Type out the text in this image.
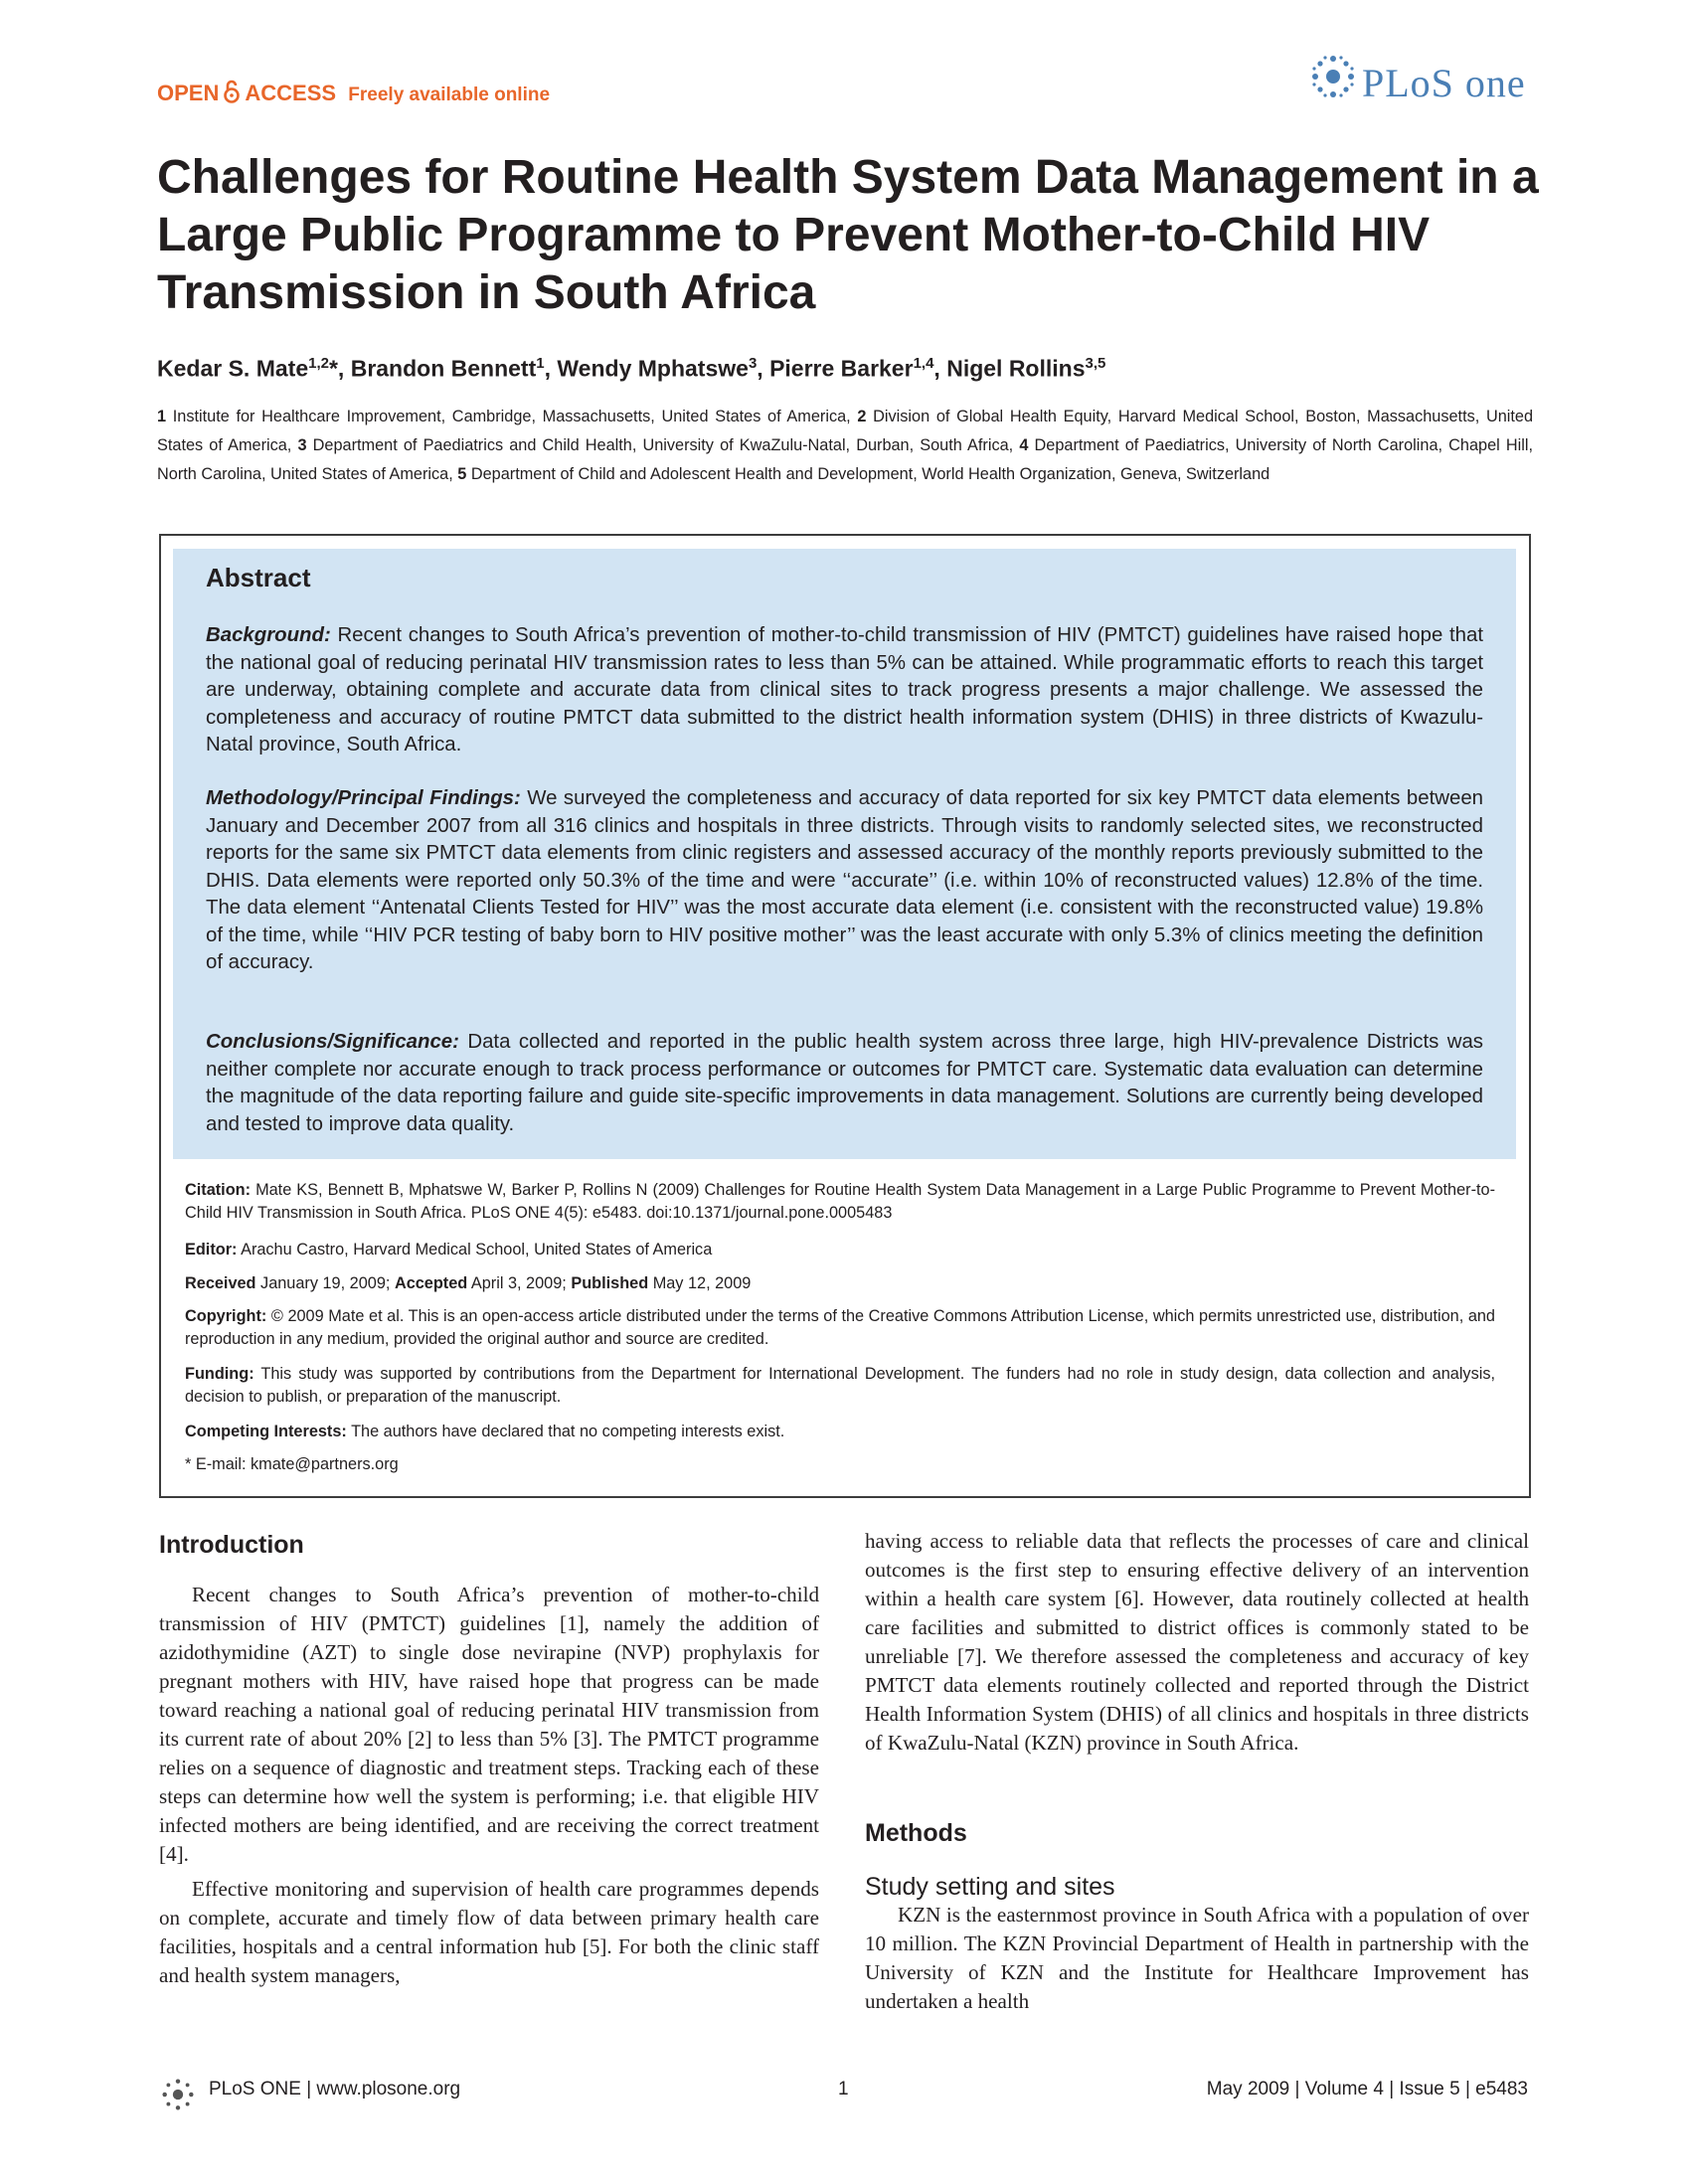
OPEN ACCESS Freely available online	PLoS one
Challenges for Routine Health System Data Management in a Large Public Programme to Prevent Mother-to-Child HIV Transmission in South Africa
Kedar S. Mate$^{1,2}$*, Brandon Bennett$^1$, Wendy Mphatswe$^3$, Pierre Barker$^{1,4}$, Nigel Rollins$^{3,5}$
1 Institute for Healthcare Improvement, Cambridge, Massachusetts, United States of America, 2 Division of Global Health Equity, Harvard Medical School, Boston, Massachusetts, United States of America, 3 Department of Paediatrics and Child Health, University of KwaZulu-Natal, Durban, South Africa, 4 Department of Paediatrics, University of North Carolina, Chapel Hill, North Carolina, United States of America, 5 Department of Child and Adolescent Health and Development, World Health Organization, Geneva, Switzerland
Abstract
Background: Recent changes to South Africa’s prevention of mother-to-child transmission of HIV (PMTCT) guidelines have raised hope that the national goal of reducing perinatal HIV transmission rates to less than 5% can be attained. While programmatic efforts to reach this target are underway, obtaining complete and accurate data from clinical sites to track progress presents a major challenge. We assessed the completeness and accuracy of routine PMTCT data submitted to the district health information system (DHIS) in three districts of Kwazulu-Natal province, South Africa.
Methodology/Principal Findings: We surveyed the completeness and accuracy of data reported for six key PMTCT data elements between January and December 2007 from all 316 clinics and hospitals in three districts. Through visits to randomly selected sites, we reconstructed reports for the same six PMTCT data elements from clinic registers and assessed accuracy of the monthly reports previously submitted to the DHIS. Data elements were reported only 50.3% of the time and were ‘‘accurate’’ (i.e. within 10% of reconstructed values) 12.8% of the time. The data element ‘‘Antenatal Clients Tested for HIV’’ was the most accurate data element (i.e. consistent with the reconstructed value) 19.8% of the time, while ‘‘HIV PCR testing of baby born to HIV positive mother’’ was the least accurate with only 5.3% of clinics meeting the definition of accuracy.
Conclusions/Significance: Data collected and reported in the public health system across three large, high HIV-prevalence Districts was neither complete nor accurate enough to track process performance or outcomes for PMTCT care. Systematic data evaluation can determine the magnitude of the data reporting failure and guide site-specific improvements in data management. Solutions are currently being developed and tested to improve data quality.
Citation: Mate KS, Bennett B, Mphatswe W, Barker P, Rollins N (2009) Challenges for Routine Health System Data Management in a Large Public Programme to Prevent Mother-to-Child HIV Transmission in South Africa. PLoS ONE 4(5): e5483. doi:10.1371/journal.pone.0005483
Editor: Arachu Castro, Harvard Medical School, United States of America
Received January 19, 2009; Accepted April 3, 2009; Published May 12, 2009
Copyright: © 2009 Mate et al. This is an open-access article distributed under the terms of the Creative Commons Attribution License, which permits unrestricted use, distribution, and reproduction in any medium, provided the original author and source are credited.
Funding: This study was supported by contributions from the Department for International Development. The funders had no role in study design, data collection and analysis, decision to publish, or preparation of the manuscript.
Competing Interests: The authors have declared that no competing interests exist.
* E-mail: kmate@partners.org
Introduction

Recent changes to South Africa’s prevention of mother-to-child transmission of HIV (PMTCT) guidelines [1], namely the addition of azidothymidine (AZT) to single dose nevirapine (NVP) prophylaxis for pregnant mothers with HIV, have raised hope that progress can be made toward reaching a national goal of reducing perinatal HIV transmission from its current rate of about 20% [2] to less than 5% [3]. The PMTCT programme relies on a sequence of diagnostic and treatment steps. Tracking each of these steps can determine how well the system is performing; i.e. that eligible HIV infected mothers are being identified, and are receiving the correct treatment [4].

Effective monitoring and supervision of health care programmes depends on complete, accurate and timely flow of data between primary health care facilities, hospitals and a central information hub [5]. For both the clinic staff and health system managers,

having access to reliable data that reflects the processes of care and clinical outcomes is the first step to ensuring effective delivery of an intervention within a health care system [6]. However, data routinely collected at health care facilities and submitted to district offices is commonly stated to be unreliable [7]. We therefore assessed the completeness and accuracy of key PMTCT data elements routinely collected and reported through the District Health Information System (DHIS) of all clinics and hospitals in three districts of KwaZulu-Natal (KZN) province in South Africa.

Methods
Study setting and sites

KZN is the easternmost province in South Africa with a population of over 10 million. The KZN Provincial Department of Health in partnership with the University of KZN and the Institute for Healthcare Improvement has undertaken a health

PLoS ONE | www.plosone.org	1	May 2009 | Volume 4 | Issue 5 | e5483
